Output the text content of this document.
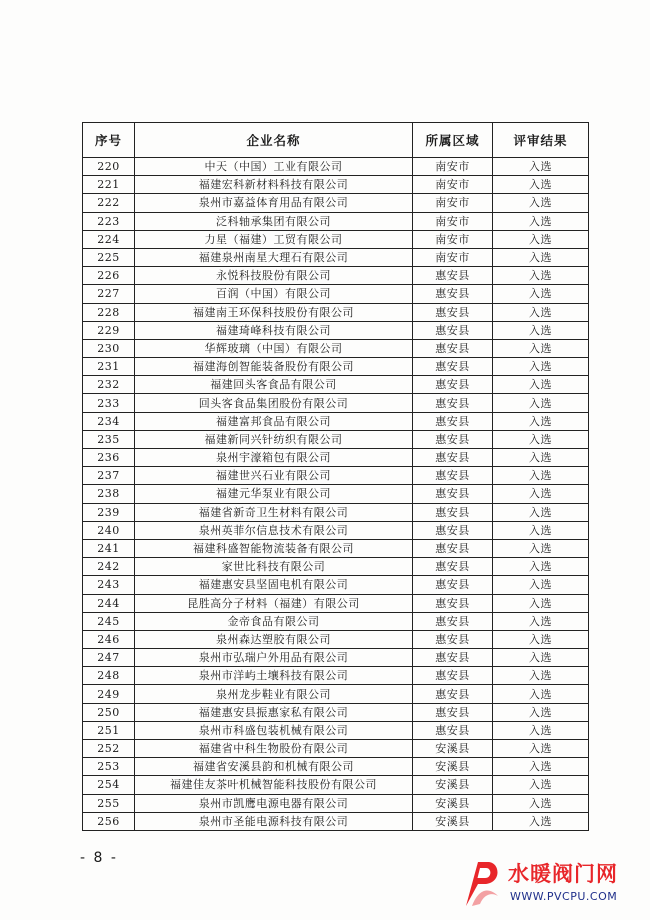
序号	企业名称	所属区域	评审结果
220	中天（中国）工业有限公司	南安市	入选
221	福建宏科新材料科技有限公司	南安市	入选
222	泉州市嘉益体育用品有限公司	南安市	入选
223	泛科轴承集团有限公司	南安市	入选
224	力星（福建）工贸有限公司	南安市	入选
225	福建泉州南星大理石有限公司	南安市	入选
226	永悦科技股份有限公司	惠安县	入选
227	百润（中国）有限公司	惠安县	入选
228	福建南王环保科技股份有限公司	惠安县	入选
229	福建琦峰科技有限公司	惠安县	入选
230	华辉玻璃（中国）有限公司	惠安县	入选
231	福建海创智能装备股份有限公司	惠安县	入选
232	福建回头客食品有限公司	惠安县	入选
233	回头客食品集团股份有限公司	惠安县	入选
234	福建富邦食品有限公司	惠安县	入选
235	福建新同兴针纺织有限公司	惠安县	入选
236	泉州宇濠箱包有限公司	惠安县	入选
237	福建世兴石业有限公司	惠安县	入选
238	福建元华泵业有限公司	惠安县	入选
239	福建省新奇卫生材料有限公司	惠安县	入选
240	泉州英菲尔信息技术有限公司	惠安县	入选
241	福建科盛智能物流装备有限公司	惠安县	入选
242	家世比科技有限公司	惠安县	入选
243	福建惠安县坚固电机有限公司	惠安县	入选
244	昆胜高分子材料（福建）有限公司	惠安县	入选
245	金帝食品有限公司	惠安县	入选
246	泉州森达塑胶有限公司	惠安县	入选
247	泉州市弘瑞户外用品有限公司	惠安县	入选
248	泉州市洋屿土壤科技有限公司	惠安县	入选
249	泉州龙步鞋业有限公司	惠安县	入选
250	福建惠安县振惠家私有限公司	惠安县	入选
251	泉州市科盛包装机械有限公司	惠安县	入选
252	福建省中科生物股份有限公司	安溪县	入选
253	福建省安溪县韵和机械有限公司	安溪县	入选
254	福建佳友茶叶机械智能科技股份有限公司	安溪县	入选
255	泉州市凯鹰电源电器有限公司	安溪县	入选
256	泉州市圣能电源科技有限公司	安溪县	入选
- 8 -
水暖阀门网
WWW.PVCPU.COM
